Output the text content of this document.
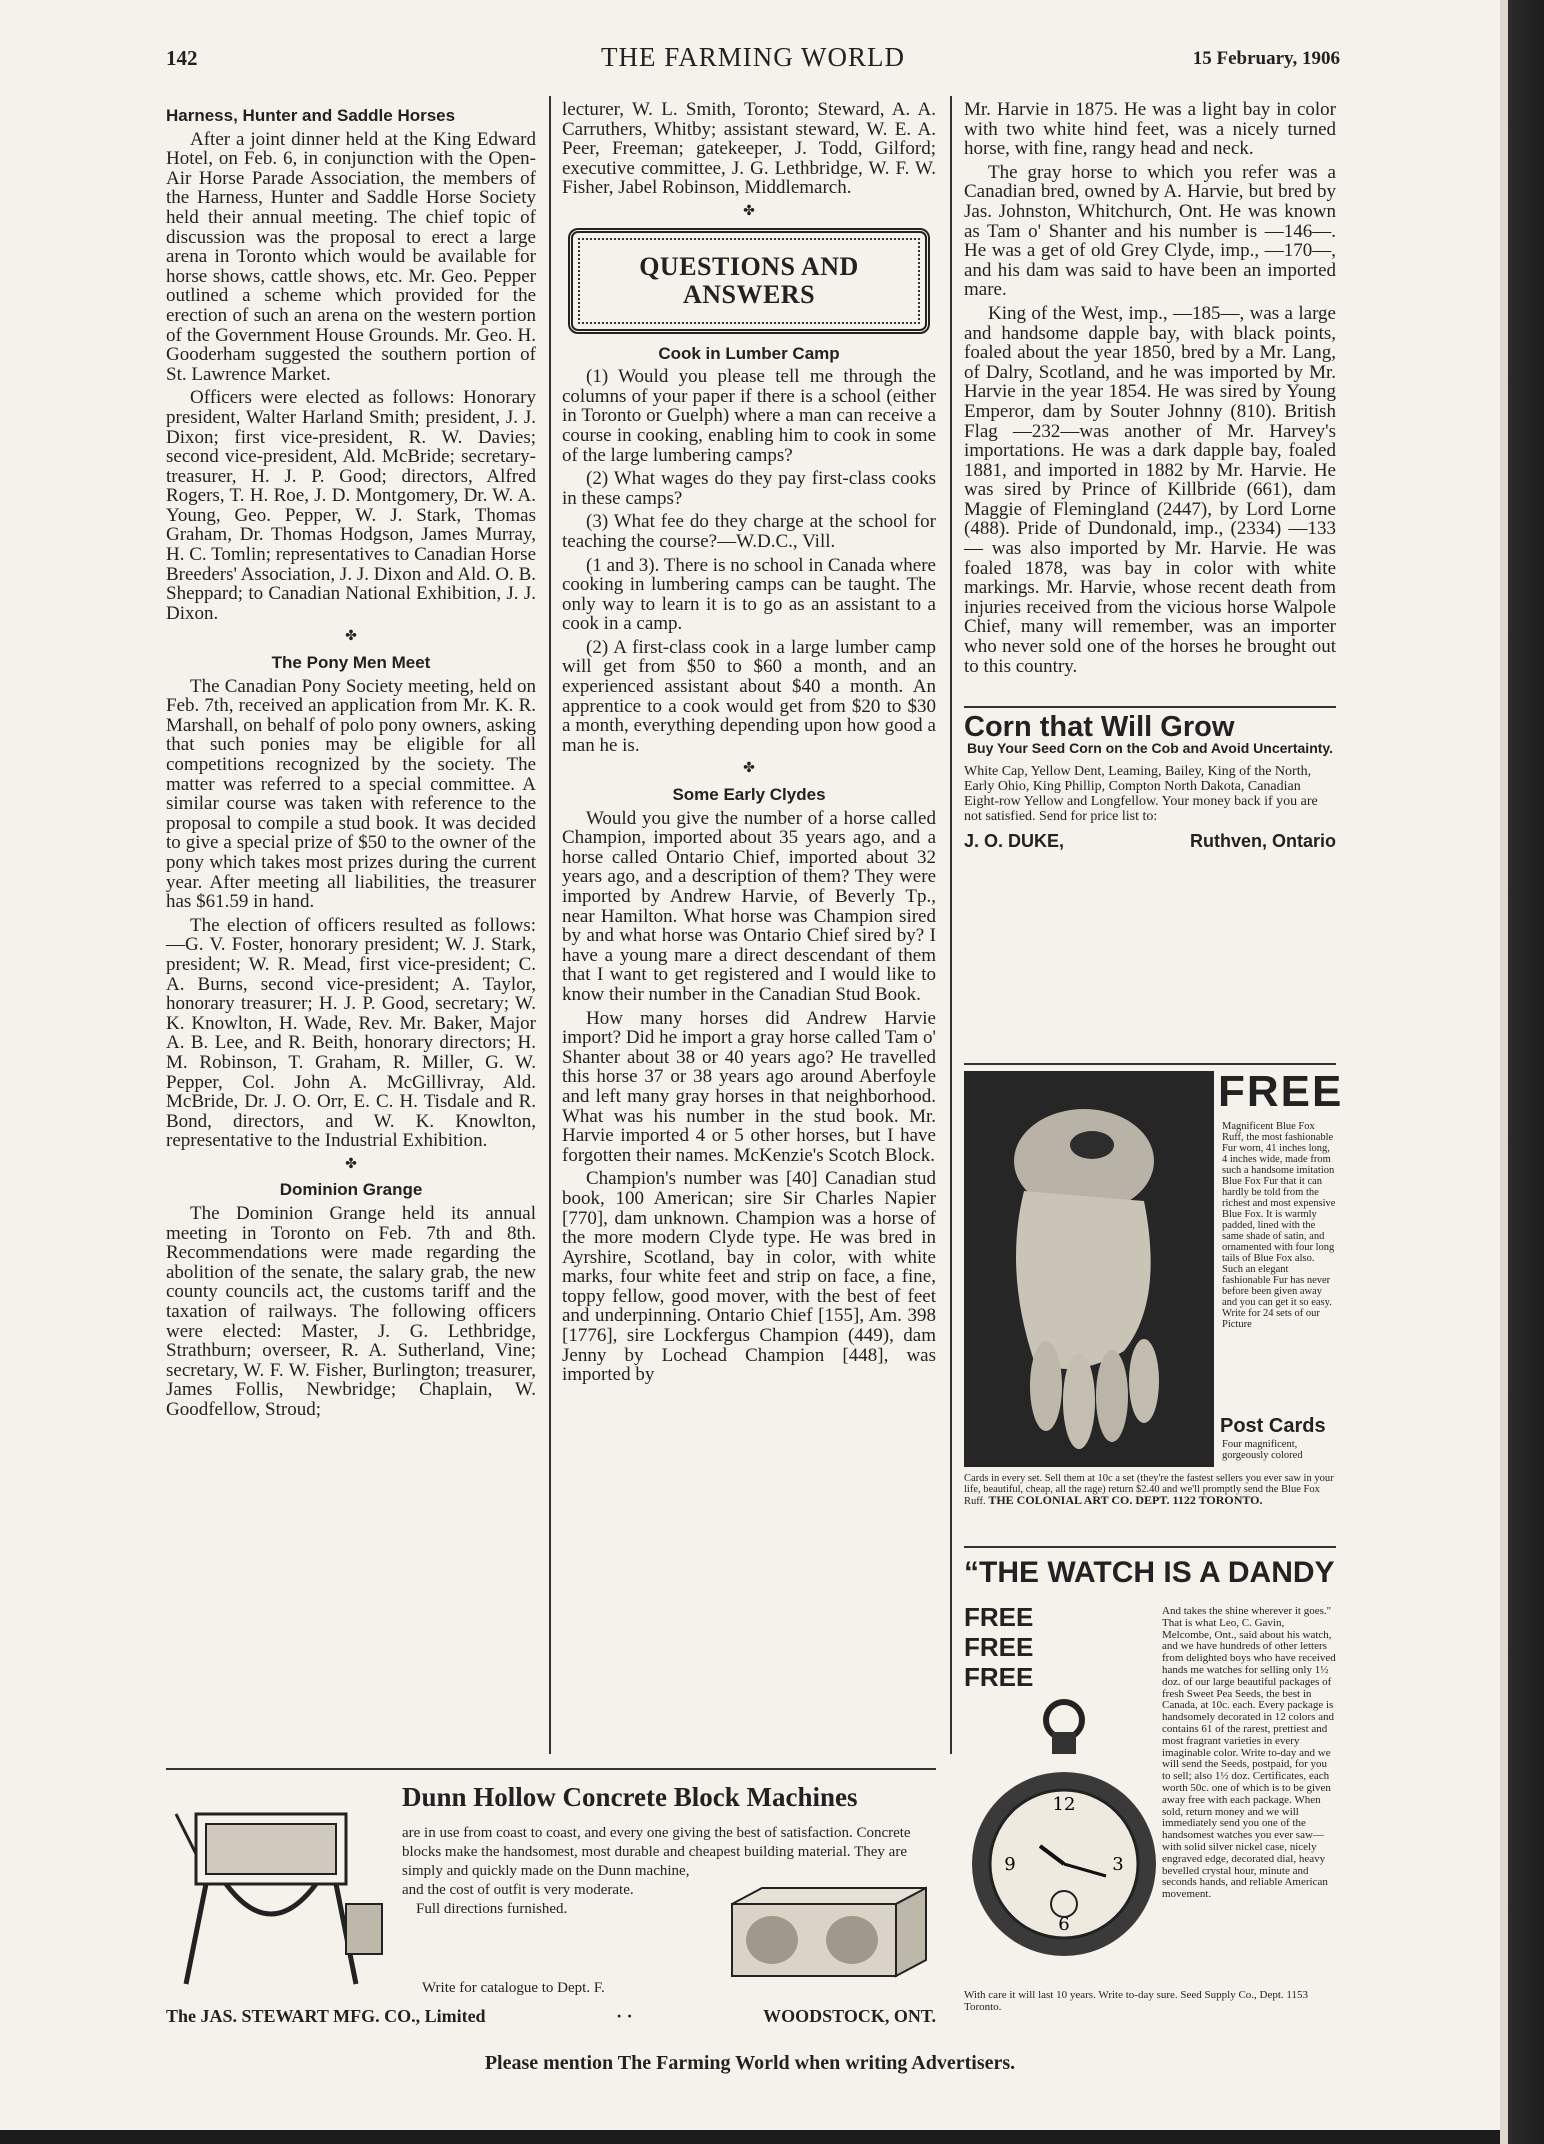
142	THE FARMING WORLD	15 February, 1906
Harness, Hunter and Saddle Horses

After a joint dinner held at the King Edward Hotel, on Feb. 6, in conjunction with the Open-Air Horse Parade Association, the members of the Harness, Hunter and Saddle Horse Society held their annual meeting. The chief topic of discussion was the proposal to erect a large arena in Toronto which would be available for horse shows, cattle shows, etc. Mr. Geo. Pepper outlined a scheme which provided for the erection of such an arena on the western portion of the Government House Grounds. Mr. Geo. H. Gooderham suggested the southern portion of St. Lawrence Market.

Officers were elected as follows: Honorary president, Walter Harland Smith; president, J. J. Dixon; first vice-president, R. W. Davies; second vice-president, Ald. McBride; secretary-treasurer, H. J. P. Good; directors, Alfred Rogers, T. H. Roe, J. D. Montgomery, Dr. W. A. Young, Geo. Pepper, W. J. Stark, Thomas Graham, Dr. Thomas Hodgson, James Murray, H. C. Tomlin; representatives to Canadian Horse Breeders' Association, J. J. Dixon and Ald. O. B. Sheppard; to Canadian National Exhibition, J. J. Dixon.

✤
The Pony Men Meet

The Canadian Pony Society meeting, held on Feb. 7th, received an application from Mr. K. R. Marshall, on behalf of polo pony owners, asking that such ponies may be eligible for all competitions recognized by the society. The matter was referred to a special committee. A similar course was taken with reference to the proposal to compile a stud book. It was decided to give a special prize of $50 to the owner of the pony which takes most prizes during the current year. After meeting all liabilities, the treasurer has $61.59 in hand.

The election of officers resulted as follows:—G. V. Foster, honorary president; W. J. Stark, president; W. R. Mead, first vice-president; C. A. Burns, second vice-president; A. Taylor, honorary treasurer; H. J. P. Good, secretary; W. K. Knowlton, H. Wade, Rev. Mr. Baker, Major A. B. Lee, and R. Beith, honorary directors; H. M. Robinson, T. Graham, R. Miller, G. W. Pepper, Col. John A. McGillivray, Ald. McBride, Dr. J. O. Orr, E. C. H. Tisdale and R. Bond, directors, and W. K. Knowlton, representative to the Industrial Exhibition.

✤
Dominion Grange

The Dominion Grange held its annual meeting in Toronto on Feb. 7th and 8th. Recommendations were made regarding the abolition of the senate, the salary grab, the new county councils act, the customs tariff and the taxation of railways. The following officers were elected: Master, J. G. Lethbridge, Strathburn; overseer, R. A. Sutherland, Vine; secretary, W. F. W. Fisher, Burlington; treasurer, James Follis, Newbridge; Chaplain, W. Goodfellow, Stroud;

lecturer, W. L. Smith, Toronto; Steward, A. A. Carruthers, Whitby; assistant steward, W. E. A. Peer, Freeman; gatekeeper, J. Todd, Gilford; executive committee, J. G. Lethbridge, W. F. W. Fisher, Jabel Robinson, Middlemarch.

✤
QUESTIONS AND
ANSWERS
Cook in Lumber Camp

(1) Would you please tell me through the columns of your paper if there is a school (either in Toronto or Guelph) where a man can receive a course in cooking, enabling him to cook in some of the large lumbering camps?

(2) What wages do they pay first-class cooks in these camps?

(3) What fee do they charge at the school for teaching the course?—W.D.C., Vill.

(1 and 3). There is no school in Canada where cooking in lumbering camps can be taught. The only way to learn it is to go as an assistant to a cook in a camp.

(2) A first-class cook in a large lumber camp will get from $50 to $60 a month, and an experienced assistant about $40 a month. An apprentice to a cook would get from $20 to $30 a month, everything depending upon how good a man he is.

✤
Some Early Clydes

Would you give the number of a horse called Champion, imported about 35 years ago, and a horse called Ontario Chief, imported about 32 years ago, and a description of them? They were imported by Andrew Harvie, of Beverly Tp., near Hamilton. What horse was Champion sired by and what horse was Ontario Chief sired by? I have a young mare a direct descendant of them that I want to get registered and I would like to know their number in the Canadian Stud Book.

How many horses did Andrew Harvie import? Did he import a gray horse called Tam o' Shanter about 38 or 40 years ago? He travelled this horse 37 or 38 years ago around Aberfoyle and left many gray horses in that neighborhood. What was his number in the stud book. Mr. Harvie imported 4 or 5 other horses, but I have forgotten their names. McKenzie's Scotch Block.

Champion's number was [40] Canadian stud book, 100 American; sire Sir Charles Napier [770], dam unknown. Champion was a horse of the more modern Clyde type. He was bred in Ayrshire, Scotland, bay in color, with white marks, four white feet and strip on face, a fine, toppy fellow, good mover, with the best of feet and underpinning. Ontario Chief [155], Am. 398 [1776], sire Lockfergus Champion (449), dam Jenny by Lochead Champion [448], was imported by

Mr. Harvie in 1875. He was a light bay in color with two white hind feet, was a nicely turned horse, with fine, rangy head and neck.

The gray horse to which you refer was a Canadian bred, owned by A. Harvie, but bred by Jas. Johnston, Whitchurch, Ont. He was known as Tam o' Shanter and his number is —146—. He was a get of old Grey Clyde, imp., —170—, and his dam was said to have been an imported mare.

King of the West, imp., —185—, was a large and handsome dapple bay, with black points, foaled about the year 1850, bred by a Mr. Lang, of Dalry, Scotland, and he was imported by Mr. Harvie in the year 1854. He was sired by Young Emperor, dam by Souter Johnny (810). British Flag —232—was another of Mr. Harvey's importations. He was a dark dapple bay, foaled 1881, and imported in 1882 by Mr. Harvie. He was sired by Prince of Killbride (661), dam Maggie of Flemingland (2447), by Lord Lorne (488). Pride of Dundonald, imp., (2334) —133— was also imported by Mr. Harvie. He was foaled 1878, was bay in color with white markings. Mr. Harvie, whose recent death from injuries received from the vicious horse Walpole Chief, many will remember, was an importer who never sold one of the horses he brought out to this country.

Corn that Will Grow
Buy Your Seed Corn on the Cob and Avoid Uncertainty.
White Cap, Yellow Dent, Leaming, Bailey, King of the North, Early Ohio, King Phillip, Compton North Dakota, Canadian Eight-row Yellow and Longfellow. Your money back if you are not satisfied. Send for price list to:
J. O. DUKE,	Ruthven, Ontario
FREE
Magnificent Blue Fox Ruff, the most fashionable Fur worn, 41 inches long, 4 inches wide, made from such a handsome imitation Blue Fox Fur that it can hardly be told from the richest and most expensive Blue Fox. It is warmly padded, lined with the same shade of satin, and ornamented with four long tails of Blue Fox also. Such an elegant fashionable Fur has never before been given away and you can get it so easy. Write for 24 sets of our Picture
Post Cards
Four magnificent, gorgeously colored
Cards in every set. Sell them at 10c a set (they're the fastest sellers you ever saw in your life, beautiful, cheap, all the rage) return $2.40 and we'll promptly send the Blue Fox Ruff. THE COLONIAL ART CO. DEPT. 1122 TORONTO.
“THE WATCH IS A DANDY
FREE
FREE
FREE
And takes the shine wherever it goes." That is what Leo, C. Gavin, Melcombe, Ont., said about his watch, and we have hundreds of other letters from delighted boys who have received hands me watches for selling only 1½ doz. of our large beautiful packages of fresh Sweet Pea Seeds, the best in Canada, at 10c. each. Every package is handsomely decorated in 12 colors and contains 61 of the rarest, prettiest and most fragrant varieties in every imaginable color. Write to-day and we will send the Seeds, postpaid, for you to sell; also 1½ doz. Certificates, each worth 50c. one of which is to be given away free with each package. When sold, return money and we will immediately send you one of the handsomest watches you ever saw—with solid silver nickel case, nicely engraved edge, decorated dial, heavy bevelled crystal hour, minute and seconds hands, and reliable American movement.
12
3
6
9
With care it will last 10 years. Write to-day sure. Seed Supply Co., Dept. 1153 Toronto.
Dunn Hollow Concrete Block Machines
are in use from coast to coast, and every one giving the best of satisfaction. Concrete blocks make the handsomest, most durable and cheapest building material. They are
simply and quickly made on the Dunn machine, and the cost of outfit is very moderate.
Full directions furnished.
Write for catalogue to Dept. F.
The JAS. STEWART MFG. CO., Limited	· ·	WOODSTOCK, ONT.
Please mention The Farming World when writing Advertisers.
